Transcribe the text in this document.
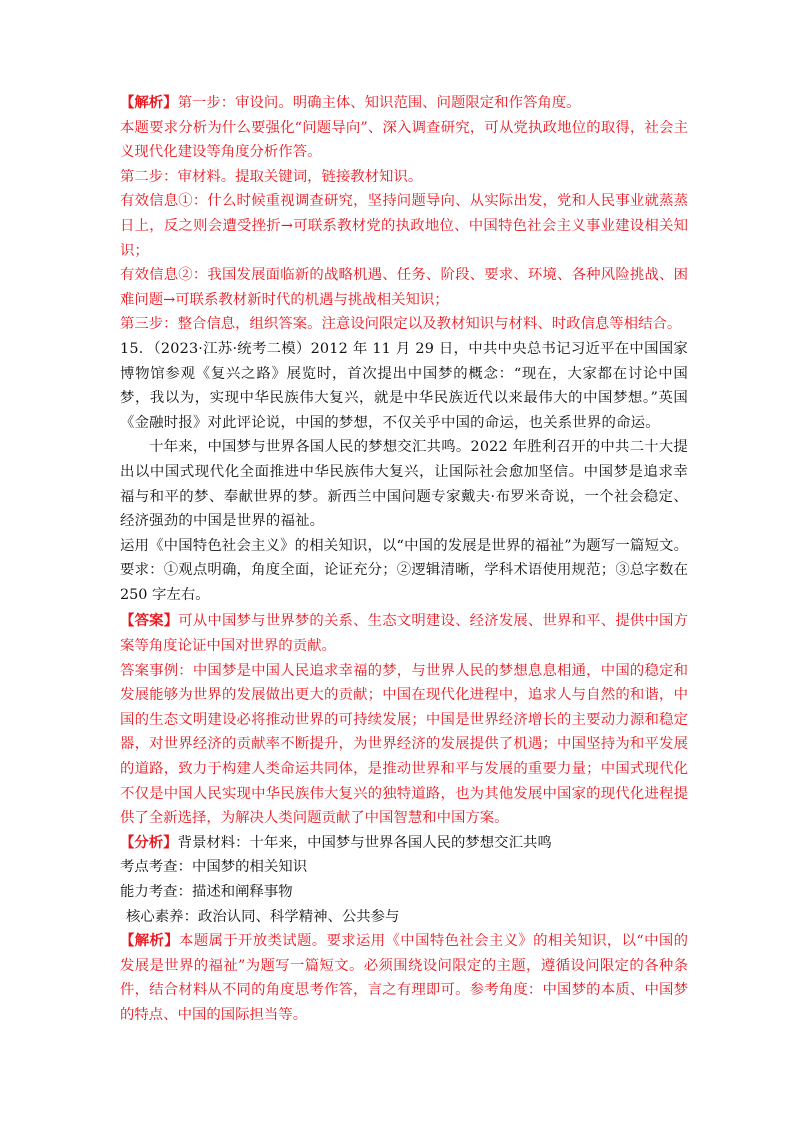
【解析】第一步：审设问。明确主体、知识范围、问题限定和作答角度。

本题要求分析为什么要强化“问题导向”、深入调查研究，可从党执政地位的取得，社会主义现代化建设等角度分析作答。

第二步：审材料。提取关键词，链接教材知识。

有效信息①：什么时候重视调查研究，坚持问题导向、从实际出发，党和人民事业就蒸蒸日上，反之则会遭受挫折→可联系教材党的执政地位、中国特色社会主义事业建设相关知识；

有效信息②：我国发展面临新的战略机遇、任务、阶段、要求、环境、各种风险挑战、困难问题→可联系教材新时代的机遇与挑战相关知识；

第三步：整合信息，组织答案。注意设问限定以及教材知识与材料、时政信息等相结合。

15．（2023·江苏·统考二模）2012 年 11 月 29 日，中共中央总书记习近平在中国国家博物馆参观《复兴之路》展览时，首次提出中国梦的概念：“现在，大家都在讨论中国梦，我以为，实现中华民族伟大复兴，就是中华民族近代以来最伟大的中国梦想。”英国《金融时报》对此评论说，中国的梦想，不仅关乎中国的命运，也关系世界的命运。

十年来，中国梦与世界各国人民的梦想交汇共鸣。2022 年胜利召开的中共二十大提出以中国式现代化全面推进中华民族伟大复兴，让国际社会愈加坚信。中国梦是追求幸福与和平的梦、奉献世界的梦。新西兰中国问题专家戴夫·布罗米奇说，一个社会稳定、经济强劲的中国是世界的福祉。

运用《中国特色社会主义》的相关知识，以“中国的发展是世界的福祉”为题写一篇短文。要求：①观点明确，角度全面，论证充分；②逻辑清晰，学科术语使用规范；③总字数在 250 字左右。

【答案】可从中国梦与世界梦的关系、生态文明建设、经济发展、世界和平、提供中国方案等角度论证中国对世界的贡献。

答案事例：中国梦是中国人民追求幸福的梦，与世界人民的梦想息息相通，中国的稳定和发展能够为世界的发展做出更大的贡献；中国在现代化进程中，追求人与自然的和谐，中国的生态文明建设必将推动世界的可持续发展；中国是世界经济增长的主要动力源和稳定器，对世界经济的贡献率不断提升，为世界经济的发展提供了机遇；中国坚持为和平发展的道路，致力于构建人类命运共同体，是推动世界和平与发展的重要力量；中国式现代化不仅是中国人民实现中华民族伟大复兴的独特道路，也为其他发展中国家的现代化进程提供了全新选择，为解决人类问题贡献了中国智慧和中国方案。

【分析】背景材料：十年来，中国梦与世界各国人民的梦想交汇共鸣

考点考查：中国梦的相关知识

能力考查：描述和阐释事物

核心素养：政治认同、科学精神、公共参与

【解析】本题属于开放类试题。要求运用《中国特色社会主义》的相关知识，以“中国的发展是世界的福祉”为题写一篇短文。必须围绕设问限定的主题，遵循设问限定的各种条件，结合材料从不同的角度思考作答，言之有理即可。参考角度：中国梦的本质、中国梦的特点、中国的国际担当等。
